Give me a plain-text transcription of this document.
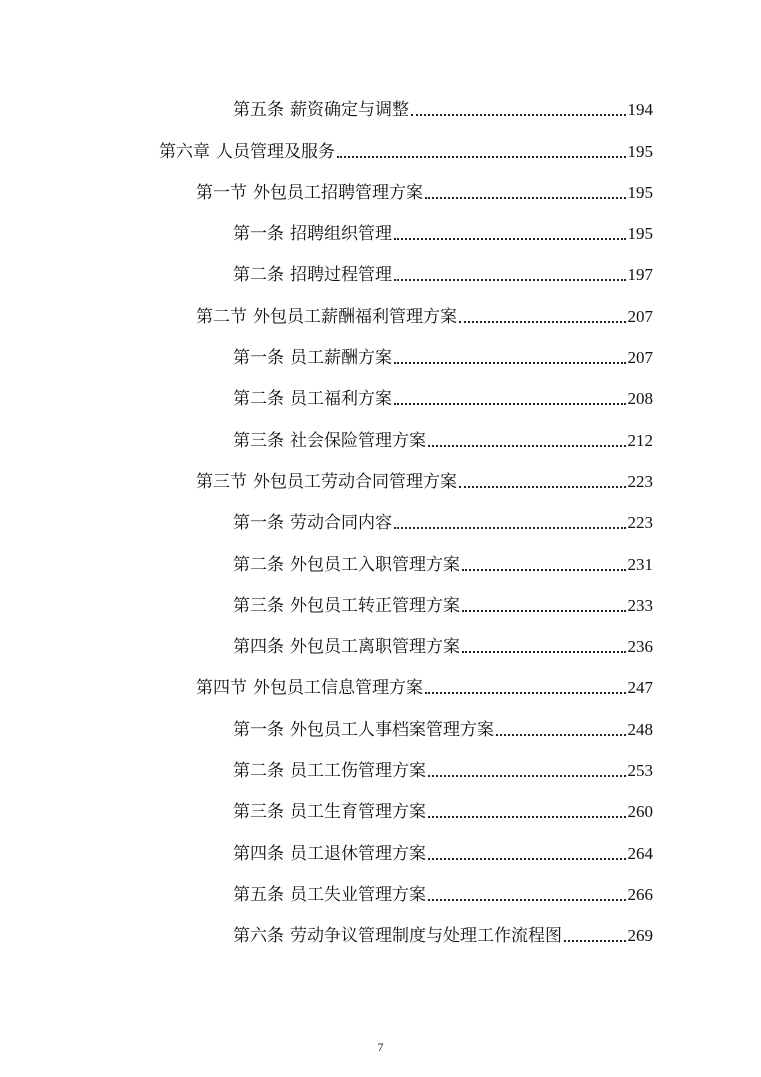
第五条 薪资确定与调整	194
第六章 人员管理及服务	195
第一节 外包员工招聘管理方案	195
第一条 招聘组织管理	195
第二条 招聘过程管理	197
第二节 外包员工薪酬福利管理方案	207
第一条 员工薪酬方案	207
第二条 员工福利方案	208
第三条 社会保险管理方案	212
第三节 外包员工劳动合同管理方案	223
第一条 劳动合同内容	223
第二条 外包员工入职管理方案	231
第三条 外包员工转正管理方案	233
第四条 外包员工离职管理方案	236
第四节 外包员工信息管理方案	247
第一条 外包员工人事档案管理方案	248
第二条 员工工伤管理方案	253
第三条 员工生育管理方案	260
第四条 员工退休管理方案	264
第五条 员工失业管理方案	266
第六条 劳动争议管理制度与处理工作流程图	269
7
